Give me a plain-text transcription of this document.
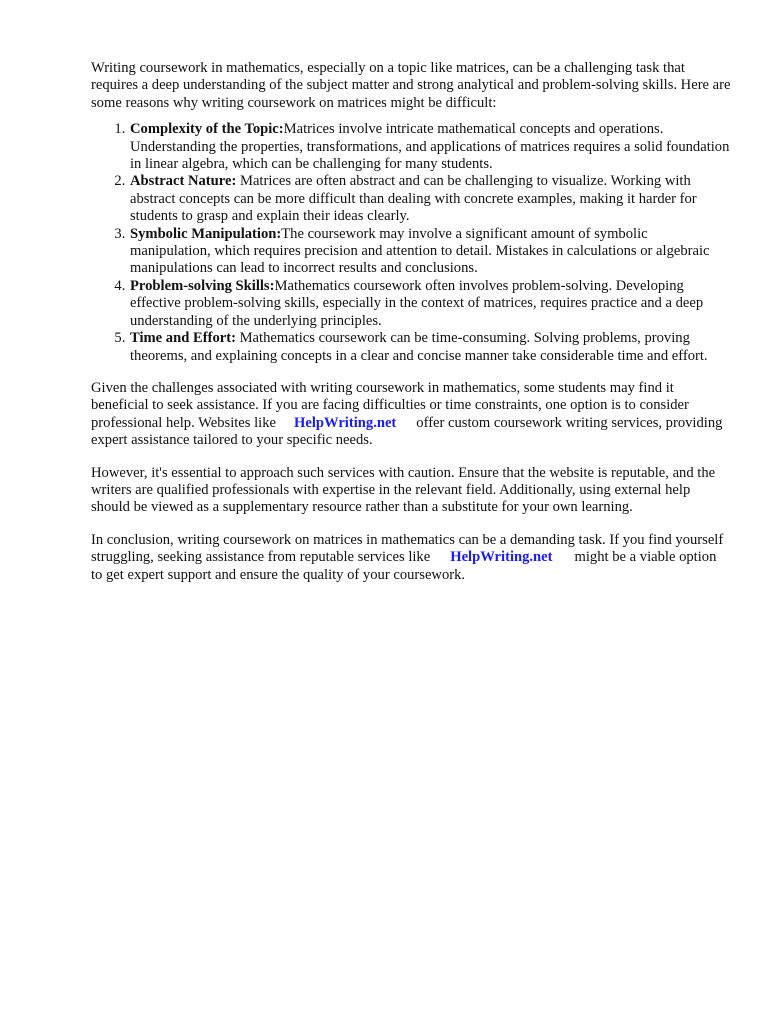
Writing coursework in mathematics, especially on a topic like matrices, can be a challenging task that requires a deep understanding of the subject matter and strong analytical and problem-solving skills. Here are some reasons why writing coursework on matrices might be difficult:

1. Complexity of the Topic:Matrices involve intricate mathematical concepts and operations. Understanding the properties, transformations, and applications of matrices requires a solid foundation in linear algebra, which can be challenging for many students.
2. Abstract Nature: Matrices are often abstract and can be challenging to visualize. Working with abstract concepts can be more difficult than dealing with concrete examples, making it harder for students to grasp and explain their ideas clearly.
3. Symbolic Manipulation:The coursework may involve a significant amount of symbolic manipulation, which requires precision and attention to detail. Mistakes in calculations or algebraic manipulations can lead to incorrect results and conclusions.
4. Problem-solving Skills:Mathematics coursework often involves problem-solving. Developing effective problem-solving skills, especially in the context of matrices, requires practice and a deep understanding of the underlying principles.
5. Time and Effort: Mathematics coursework can be time-consuming. Solving problems, proving theorems, and explaining concepts in a clear and concise manner take considerable time and effort.

Given the challenges associated with writing coursework in mathematics, some students may find it beneficial to seek assistance. If you are facing difficulties or time constraints, one option is to consider professional help. Websites like HelpWriting.net offer custom coursework writing services, providing expert assistance tailored to your specific needs.

However, it's essential to approach such services with caution. Ensure that the website is reputable, and the writers are qualified professionals with expertise in the relevant field. Additionally, using external help should be viewed as a supplementary resource rather than a substitute for your own learning.

In conclusion, writing coursework on matrices in mathematics can be a demanding task. If you find yourself struggling, seeking assistance from reputable services like HelpWriting.net might be a viable option to get expert support and ensure the quality of your coursework.
